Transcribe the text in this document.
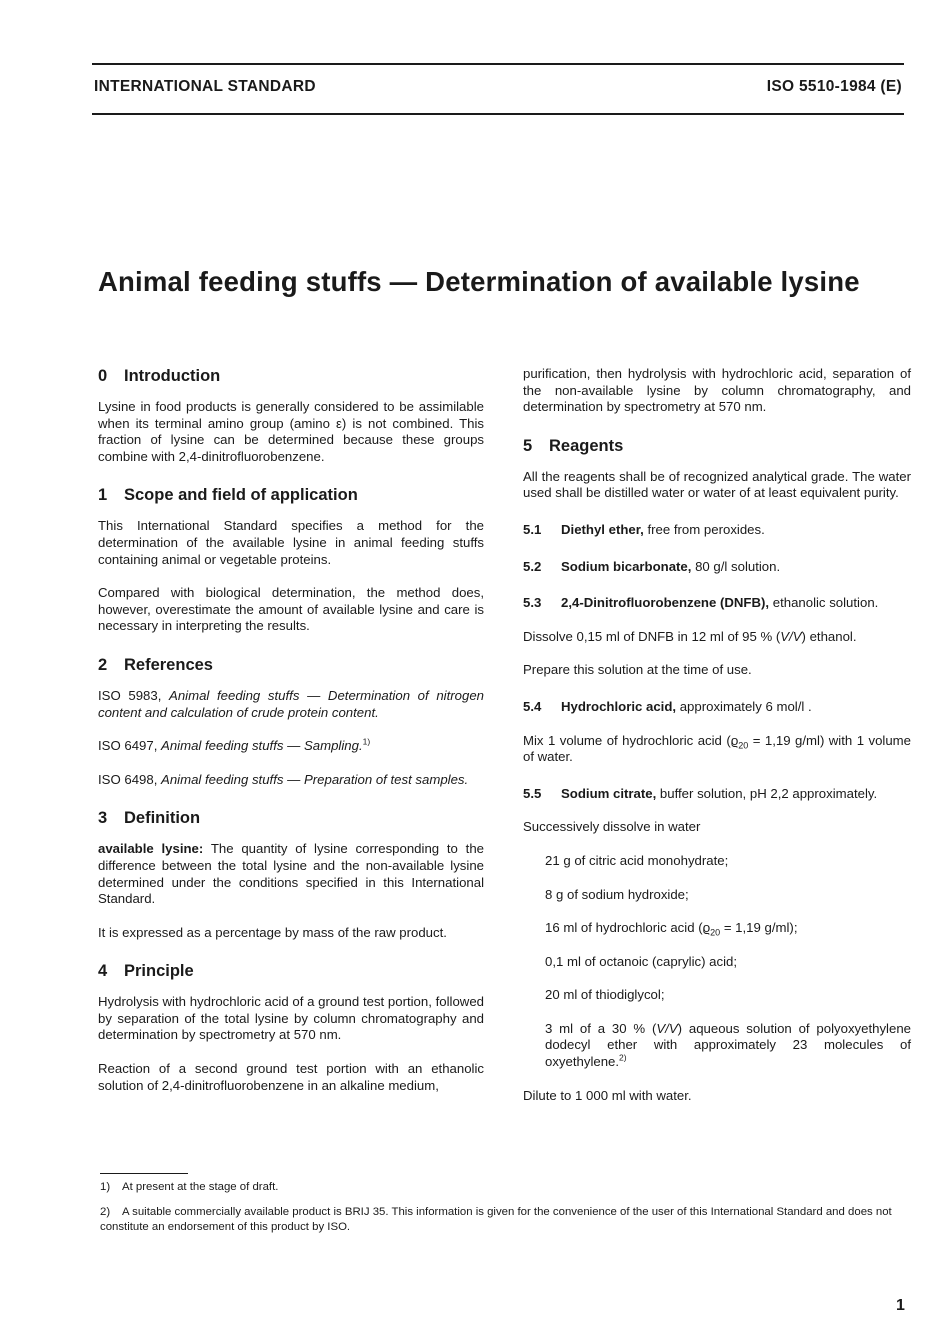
INTERNATIONAL STANDARD	ISO 5510-1984 (E)
Animal feeding stuffs — Determination of available lysine
0 Introduction

Lysine in food products is generally considered to be assimilable when its terminal amino group (amino ε) is not combined. This fraction of lysine can be determined because these groups combine with 2,4-dinitrofluorobenzene.

1 Scope and field of application

This International Standard specifies a method for the determination of the available lysine in animal feeding stuffs containing animal or vegetable proteins.

Compared with biological determination, the method does, however, overestimate the amount of available lysine and care is necessary in interpreting the results.

2 References

ISO 5983, Animal feeding stuffs — Determination of nitrogen content and calculation of crude protein content.

ISO 6497, Animal feeding stuffs — Sampling.$^{1)}$

ISO 6498, Animal feeding stuffs — Preparation of test samples.

3 Definition

available lysine: The quantity of lysine corresponding to the difference between the total lysine and the non-available lysine determined under the conditions specified in this International Standard.

It is expressed as a percentage by mass of the raw product.

4 Principle

Hydrolysis with hydrochloric acid of a ground test portion, followed by separation of the total lysine by column chromatography and determination by spectrometry at 570 nm.

Reaction of a second ground test portion with an ethanolic solution of 2,4-dinitrofluorobenzene in an alkaline medium,

purification, then hydrolysis with hydrochloric acid, separation of the non-available lysine by column chromatography, and determination by spectrometry at 570 nm.

5 Reagents

All the reagents shall be of recognized analytical grade. The water used shall be distilled water or water of at least equivalent purity.

5.1 Diethyl ether, free from peroxides.

5.2 Sodium bicarbonate, 80 g/l solution.

5.3 2,4-Dinitrofluorobenzene (DNFB), ethanolic solution.

Dissolve 0,15 ml of DNFB in 12 ml of 95 % (V/V) ethanol.

Prepare this solution at the time of use.

5.4 Hydrochloric acid, approximately 6 mol/l .

Mix 1 volume of hydrochloric acid ($ϱ_{20} = 1,19$ g/ml) with 1 volume of water.

5.5 Sodium citrate, buffer solution, pH 2,2 approximately.

Successively dissolve in water

21 g of citric acid monohydrate;

8 g of sodium hydroxide;

16 ml of hydrochloric acid ($ϱ_{20} = 1,19$ g/ml);

0,1 ml of octanoic (caprylic) acid;

20 ml of thiodiglycol;

3 ml of a 30 % (V/V) aqueous solution of polyoxyethylene dodecyl ether with approximately 23 molecules of oxyethylene.$^{2)}$

Dilute to 1 000 ml with water.

1) At present at the stage of draft.
2) A suitable commercially available product is BRIJ 35. This information is given for the convenience of the user of this International Standard and does not constitute an endorsement of this product by ISO.
1
